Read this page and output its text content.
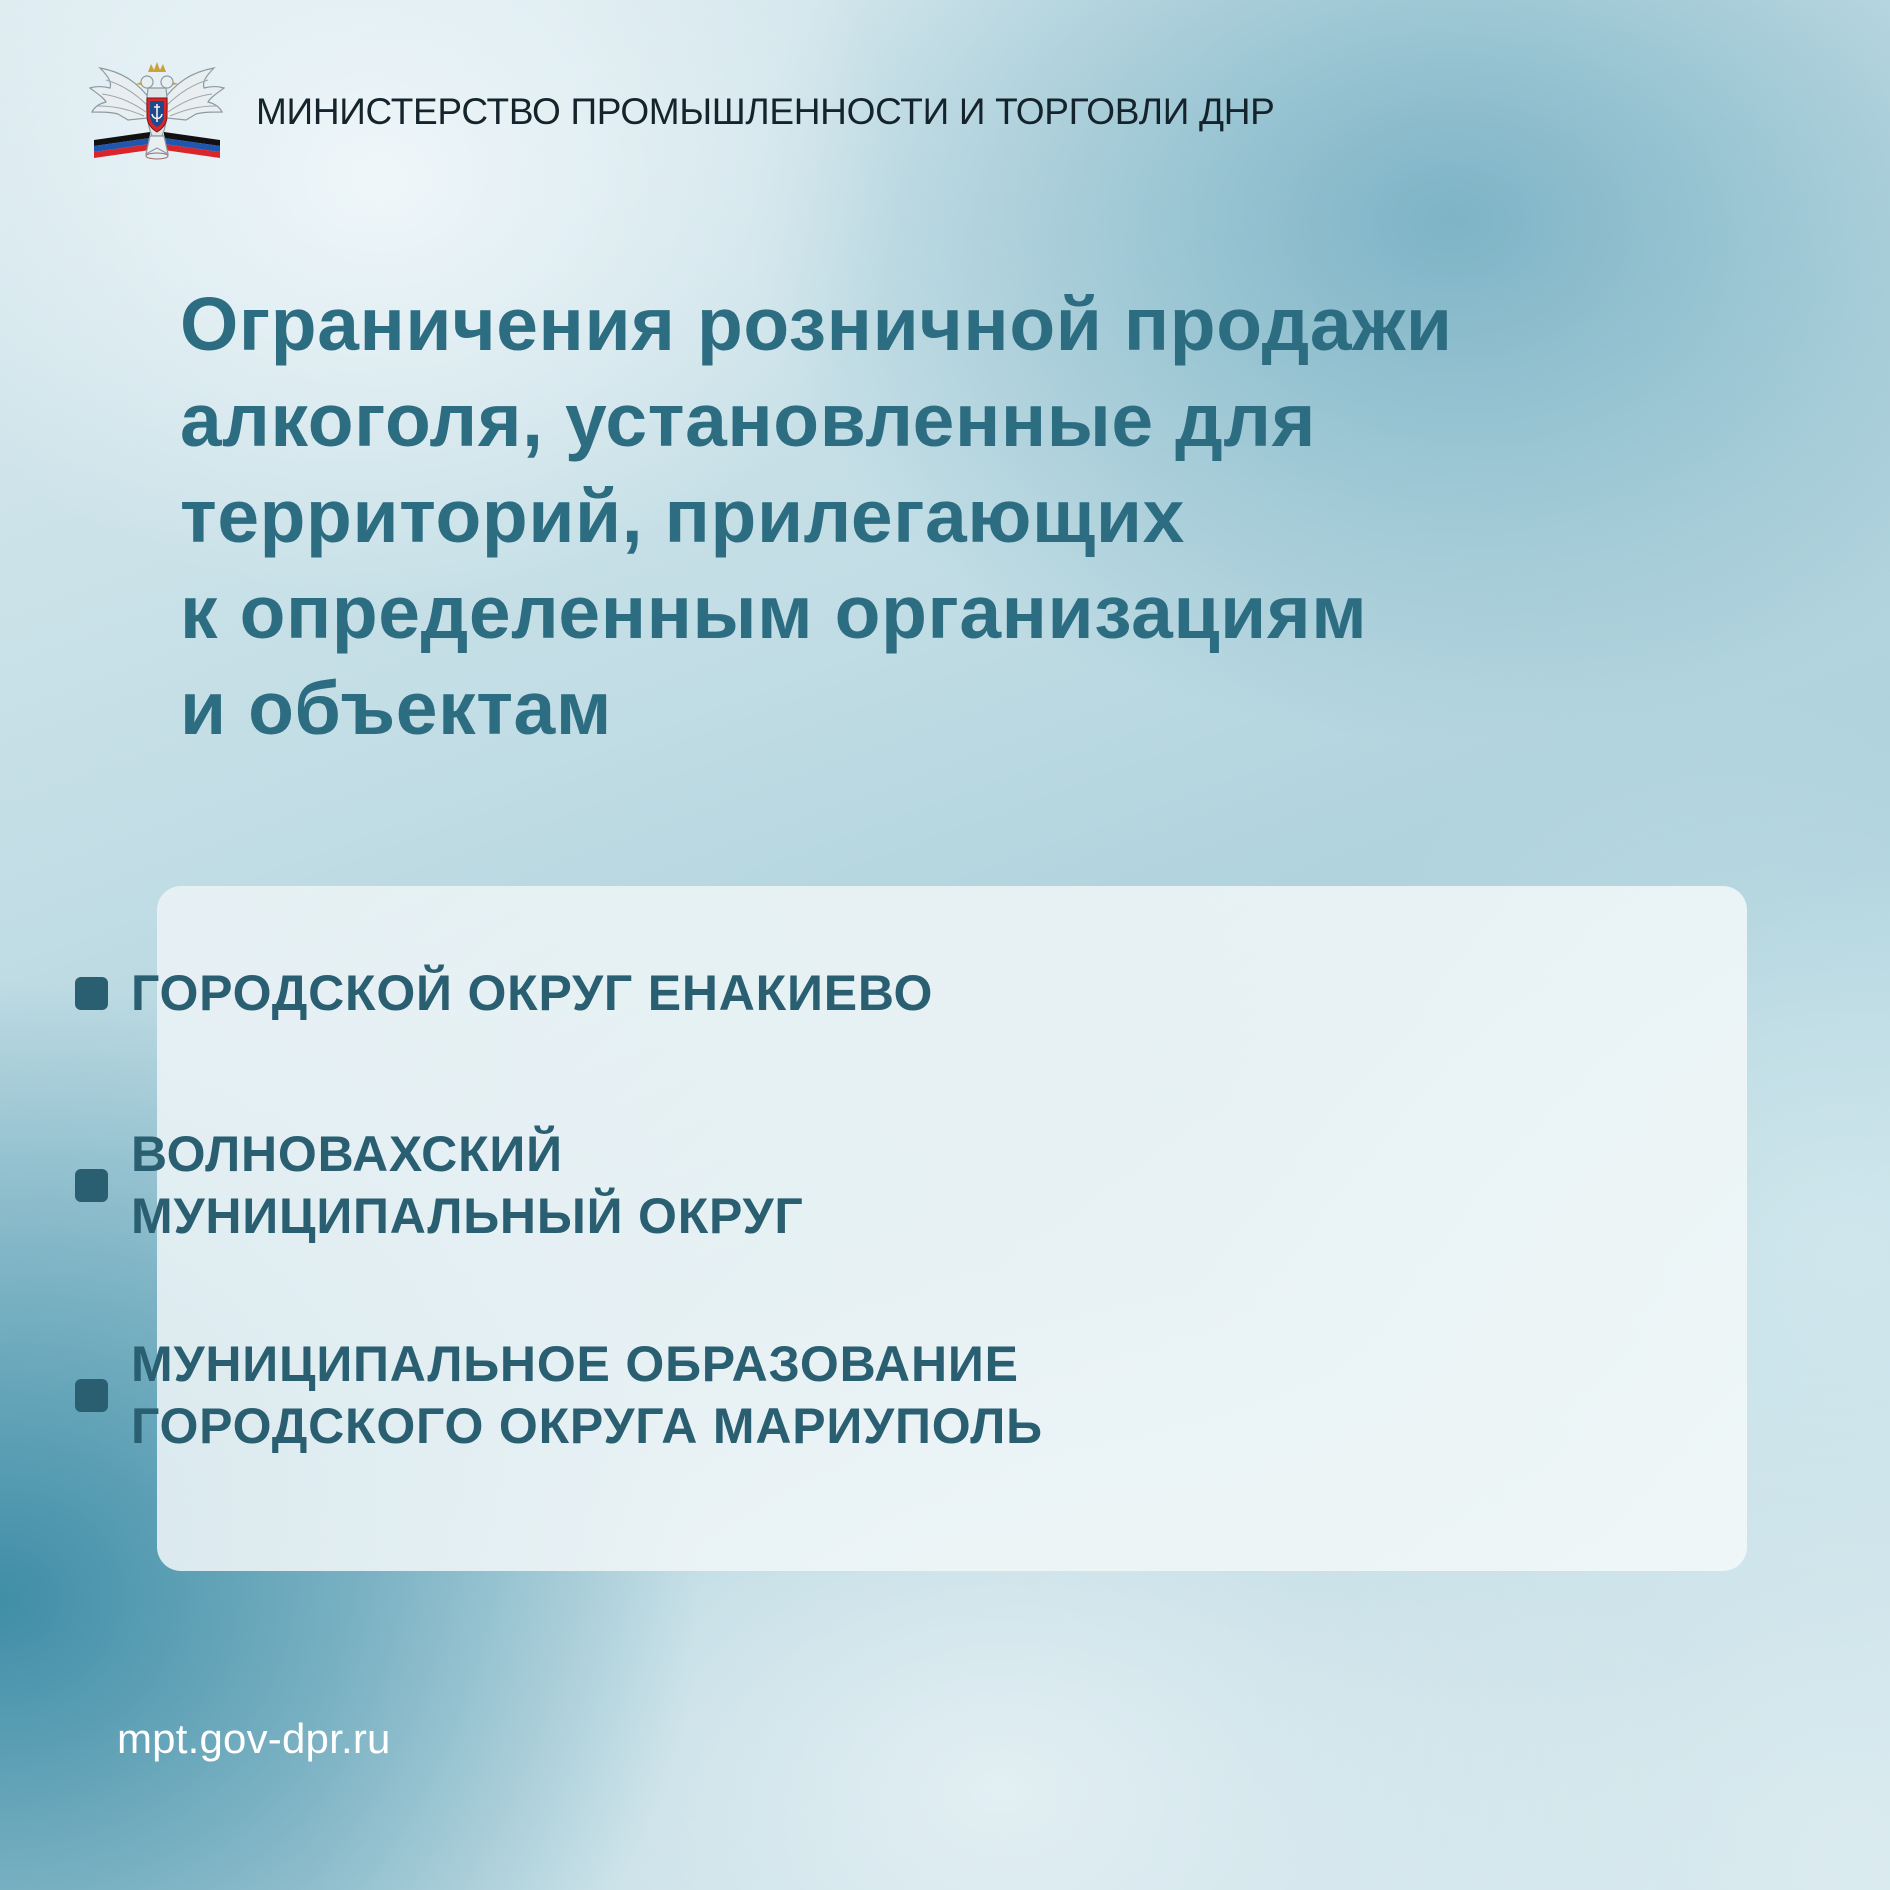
МИНИСТЕРСТВО ПРОМЫШЛЕННОСТИ И ТОРГОВЛИ ДНР
Ограничения розничной продажи
алкоголя, установленные для
территорий, прилегающих
к определенным организациям
и объектам
ГОРОДСКОЙ ОКРУГ ЕНАКИЕВО
ВОЛНОВАХСКИЙ
МУНИЦИПАЛЬНЫЙ ОКРУГ
МУНИЦИПАЛЬНОЕ ОБРАЗОВАНИЕ
ГОРОДСКОГО ОКРУГА МАРИУПОЛЬ
mpt.gov-dpr.ru
